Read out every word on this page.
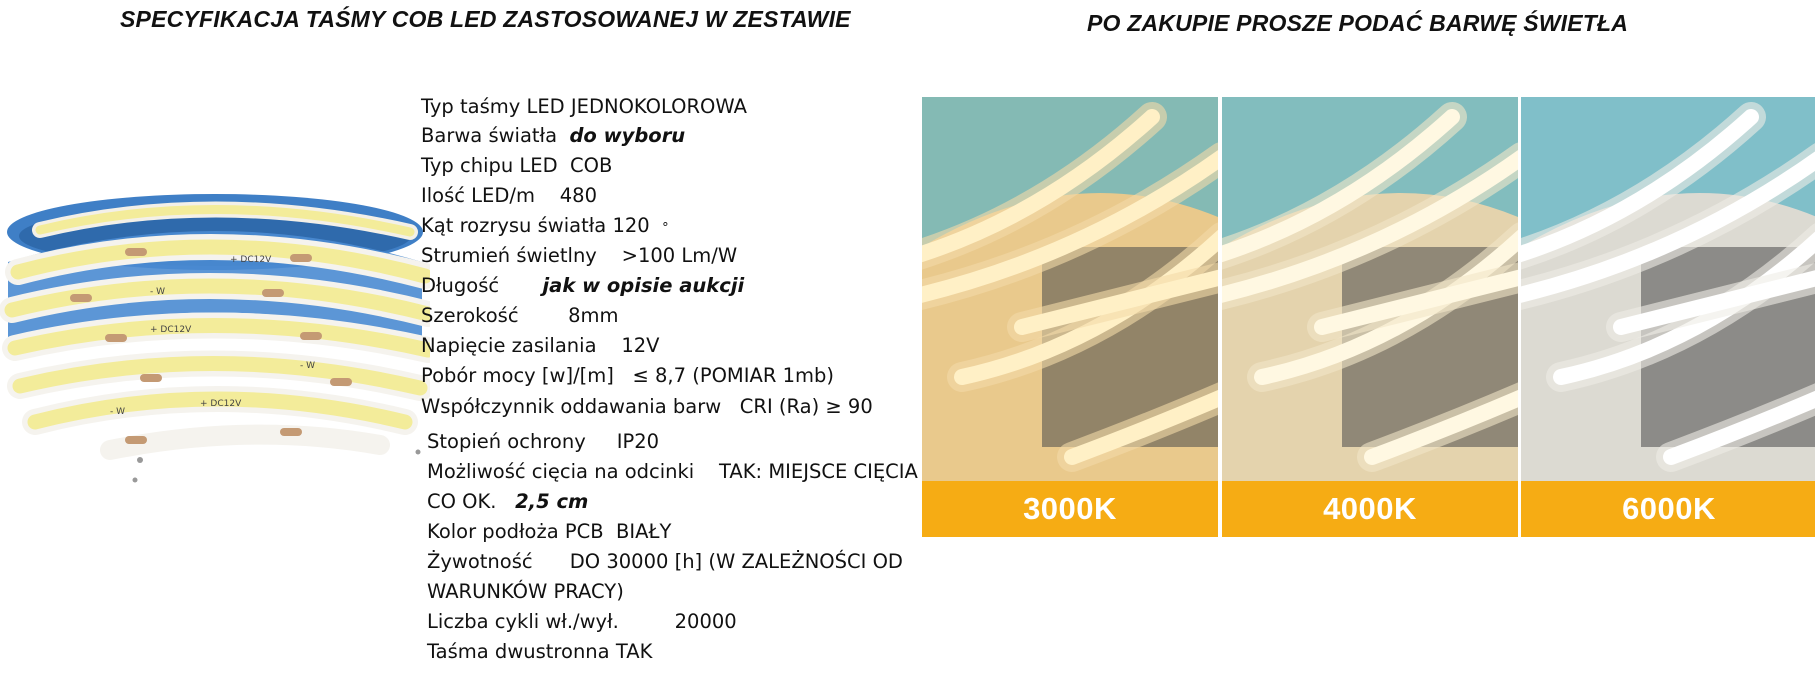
SPECYFIKACJA TAŚMY COB LED ZASTOSOWANEJ W ZESTAWIE	PO ZAKUPIE PROSZE PODAĆ BARWĘ ŚWIETŁA
+ DC12V
- W
+ DC12V
- W
+ DC12V
- W
Typ taśmy LED JEDNOKOLOROWA
Barwa światła do wyboru
Typ chipu LED COB
Ilość LED/m 480
Kąt rozrysu światła 120 °
Strumień świetlny >100 Lm/W
Długość jak w opisie aukcji
Szerokość	8mm
Napięcie zasilania 12V
Pobór mocy [w]/[m] ≤ 8,7 (POMIAR 1mb)
Współczynnik oddawania barw CRI (Ra) ≥ 90
Stopień ochrony IP20
Możliwość cięcia na odcinki TAK: MIEJSCE CIĘCIA
CO OK. 2,5 cm
Kolor podłoża PCB BIAŁY
Żywotność DO 30000 [h] (W ZALEŻNOŚCI OD
WARUNKÓW PRACY)
Liczba cykli wł./wył.	20000
Taśma dwustronna TAK
3000K	4000K	6000K
